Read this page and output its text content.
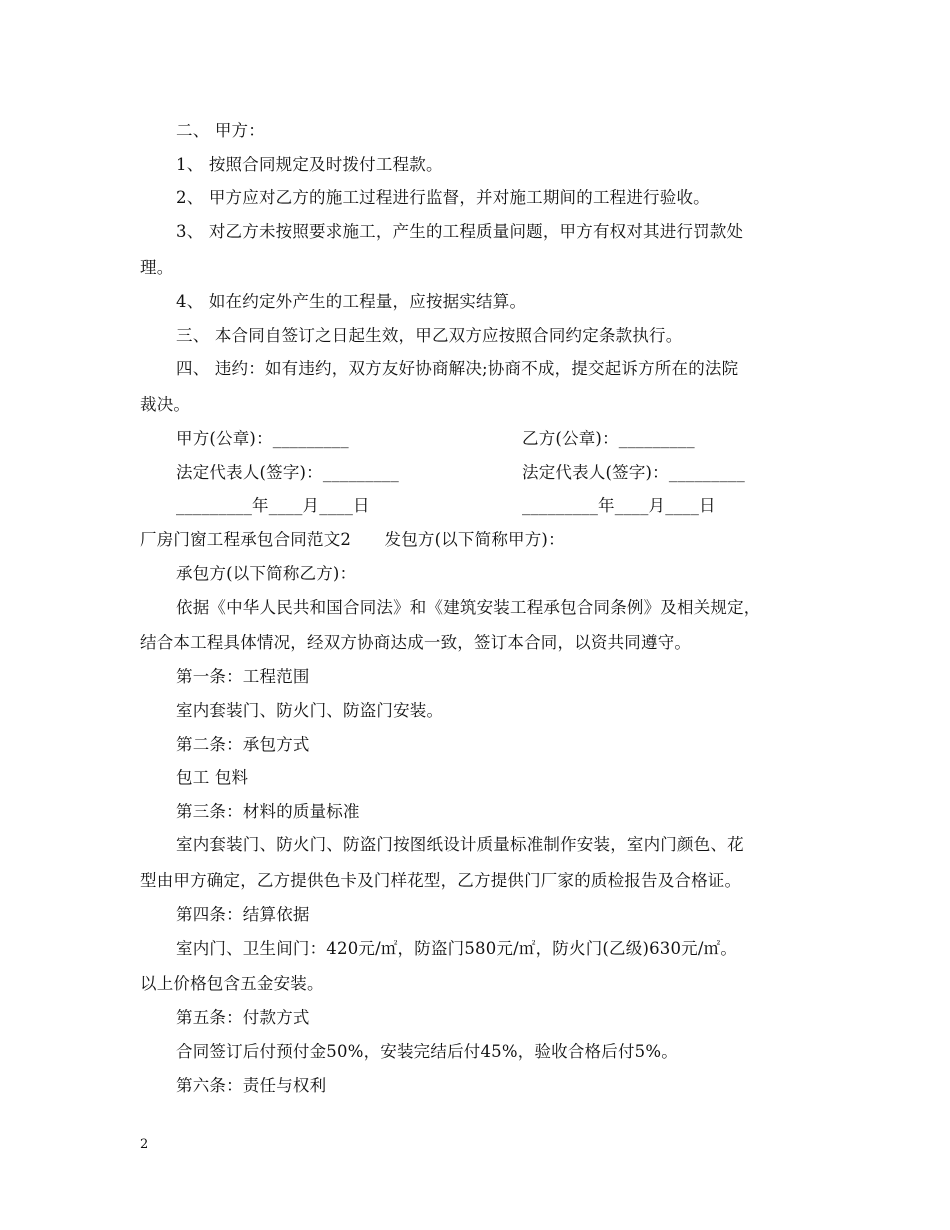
二、 甲方：
1、 按照合同规定及时拨付工程款。
2、 甲方应对乙方的施工过程进行监督，并对施工期间的工程进行验收。
3、 对乙方未按照要求施工，产生的工程质量问题，甲方有权对其进行罚款处
理。
4、 如在约定外产生的工程量，应按据实结算。
三、 本合同自签订之日起生效，甲乙双方应按照合同约定条款执行。
四、 违约：如有违约，双方友好协商解决;协商不成，提交起诉方所在的法院
裁决。
甲方(公章)：_________	乙方(公章)：_________
法定代表人(签字)：_________	法定代表人(签字)：_________
_________年____月____日	_________年____月____日
厂房门窗工程承包合同范文2　　发包方(以下简称甲方)：
承包方(以下简称乙方)：
依据《中华人民共和国合同法》和《建筑安装工程承包合同条例》及相关规定，
结合本工程具体情况，经双方协商达成一致，签订本合同，以资共同遵守。
第一条：工程范围
室内套装门、防火门、防盗门安装。
第二条：承包方式
包工 包料
第三条：材料的质量标准
室内套装门、防火门、防盗门按图纸设计质量标准制作安装，室内门颜色、花
型由甲方确定，乙方提供色卡及门样花型，乙方提供门厂家的质检报告及合格证。
第四条：结算依据
室内门、卫生间门：420元/㎡，防盗门580元/㎡，防火门(乙级)630元/㎡。
以上价格包含五金安装。
第五条：付款方式
合同签订后付预付金50%，安装完结后付45%，验收合格后付5%。
第六条：责任与权利
2
